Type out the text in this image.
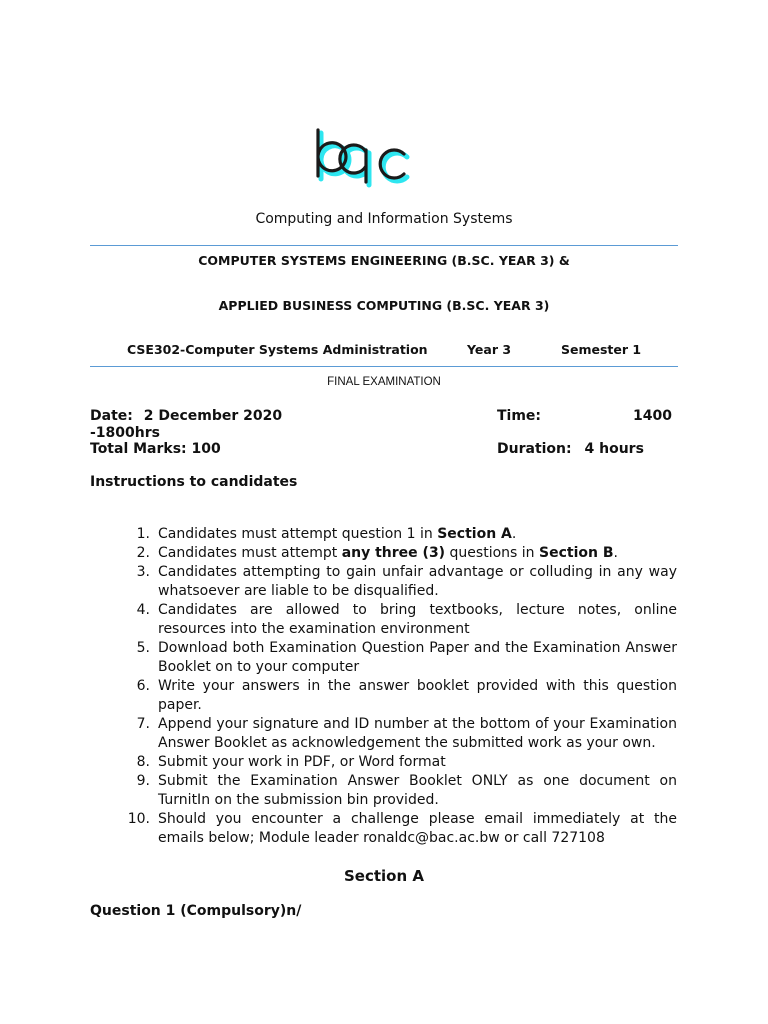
Computing and Information Systems
COMPUTER SYSTEMS ENGINEERING (B.SC. YEAR 3) &
APPLIED BUSINESS COMPUTING (B.SC. YEAR 3)
CSE302-Computer Systems Administration	Year 3	Semester 1
FINAL EXAMINATION
Date: 2 December 2020	Time:	1400
-1800hrs
Total Marks: 100	Duration: 4 hours
Instructions to candidates
1. Candidates must attempt question 1 in Section A.
2. Candidates must attempt any three (3) questions in Section B.
3. Candidates attempting to gain unfair advantage or colluding in any way whatsoever are liable to be disqualified.
4. Candidates are allowed to bring textbooks, lecture notes, online resources into the examination environment
5. Download both Examination Question Paper and the Examination Answer Booklet on to your computer
6. Write your answers in the answer booklet provided with this question paper.
7. Append your signature and ID number at the bottom of your Examination Answer Booklet as acknowledgement the submitted work as your own.
8. Submit your work in PDF, or Word format
9. Submit the Examination Answer Booklet ONLY as one document on TurnitIn on the submission bin provided.
10. Should you encounter a challenge please email immediately at the emails below; Module leader ronaldc@bac.ac.bw or call 727108
Section A
Question 1 (Compulsory)n/
